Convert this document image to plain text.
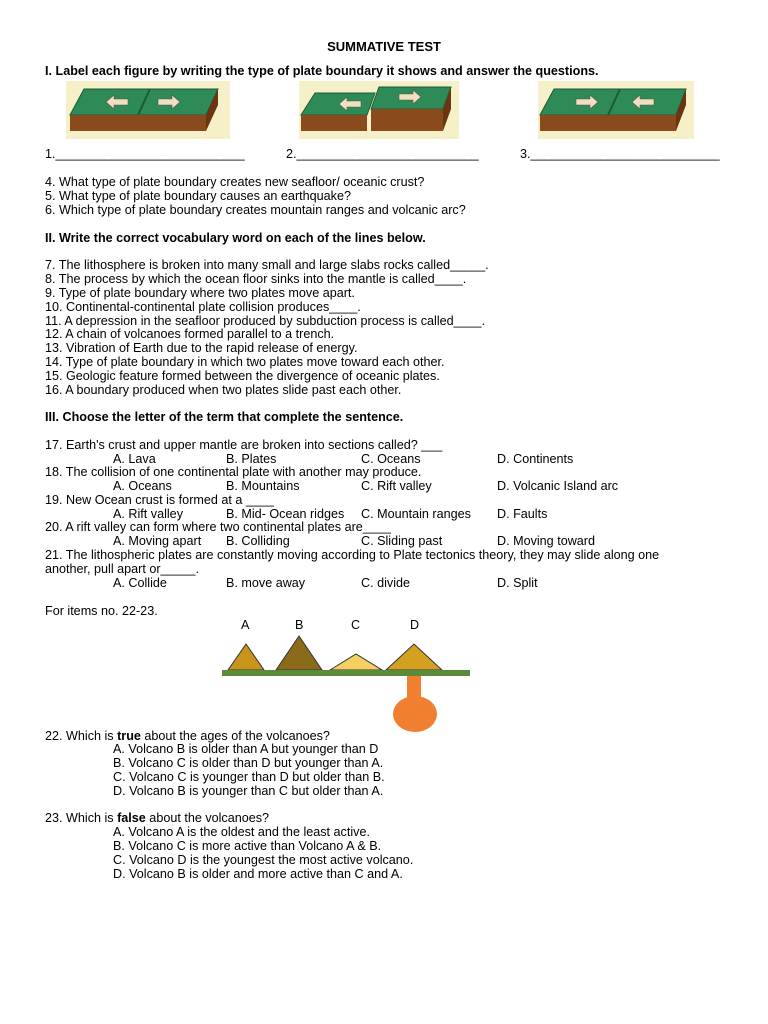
SUMMATIVE TEST
I. Label each figure by writing the type of plate boundary it shows and answer the questions.
1.___________________________	2.__________________________	3.___________________________
4. What type of plate boundary creates new seafloor/ oceanic crust?
5. What type of plate boundary causes an earthquake?
6. Which type of plate boundary creates mountain ranges and volcanic arc?
II. Write the correct vocabulary word on each of the lines below.
7. The lithosphere is broken into many small and large slabs rocks called_____.
8. The process by which the ocean floor sinks into the mantle is called____.
9. Type of plate boundary where two plates move apart.
10. Continental-continental plate collision produces____.
11. A depression in the seafloor produced by subduction process is called____.
12. A chain of volcanoes formed parallel to a trench.
13. Vibration of Earth due to the rapid release of energy.
14. Type of plate boundary in which two plates move toward each other.
15. Geologic feature formed between the divergence of oceanic plates.
16. A boundary produced when two plates slide past each other.
III. Choose the letter of the term that complete the sentence.
17. Earth's crust and upper mantle are broken into sections called? ___
A. Lava	B. Plates	C. Oceans	D. Continents
18. The collision of one continental plate with another may produce.
A. Oceans	B. Mountains	C. Rift valley	D. Volcanic Island arc
19. New Ocean crust is formed at a ____
A. Rift valley	B. Mid- Ocean ridges C. Mountain ranges D. Faults
20. A rift valley can form where two continental plates are____
A. Moving apart B. Colliding	C. Sliding past	D. Moving toward
21. The lithospheric plates are constantly moving according to Plate tectonics theory, they may slide along one
another, pull apart or_____.
A. Collide	B. move away	C. divide	D. Split
For items no. 22-23.
A	B	C	D
22. Which is true about the ages of the volcanoes?
A. Volcano B is older than A but younger than D
B. Volcano C is older than D but younger than A.
C. Volcano C is younger than D but older than B.
D. Volcano B is younger than C but older than A.
23. Which is false about the volcanoes?
A. Volcano A is the oldest and the least active.
B. Volcano C is more active than Volcano A & B.
C. Volcano D is the youngest the most active volcano.
D. Volcano B is older and more active than C and A.
